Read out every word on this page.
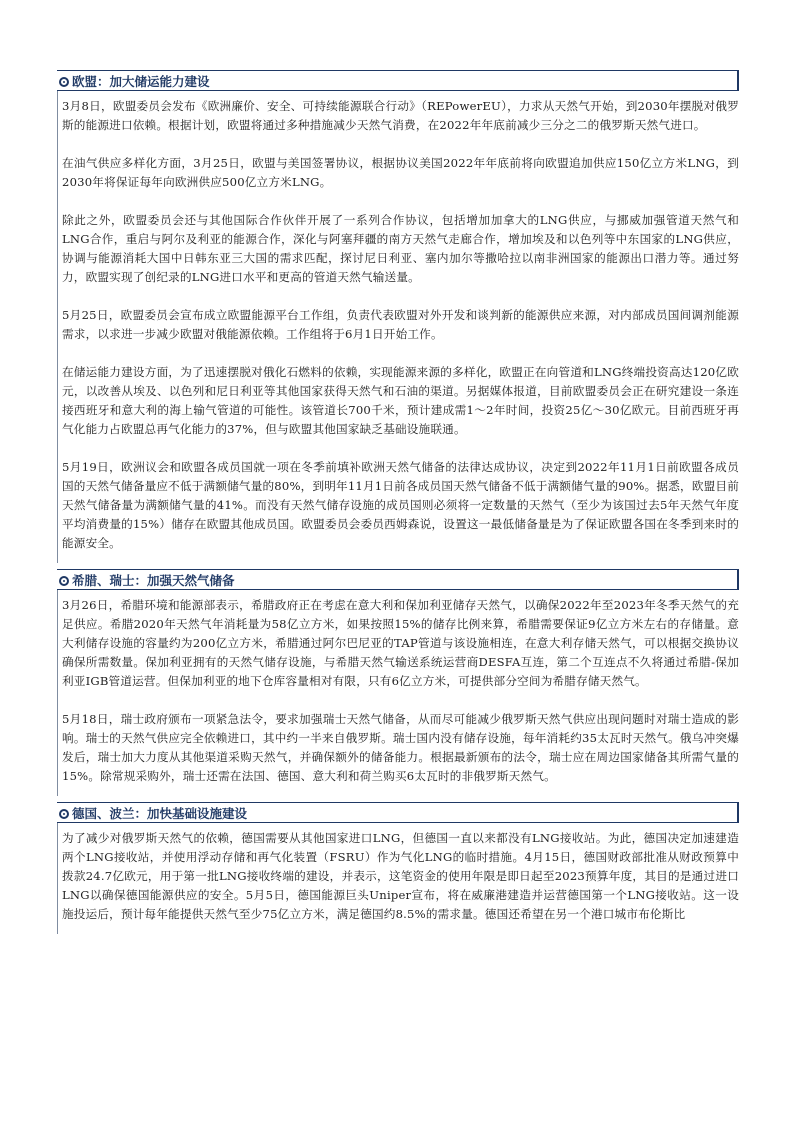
欧盟：加大储运能力建设

3月8日，欧盟委员会发布《欧洲廉价、安全、可持续能源联合行动》（REPowerEU），力求从天然气开始，到2030年摆脱对俄罗斯的能源进口依赖。根据计划，欧盟将通过多种措施减少天然气消费，在2022年年底前减少三分之二的俄罗斯天然气进口。

在油气供应多样化方面，3月25日，欧盟与美国签署协议，根据协议美国2022年年底前将向欧盟追加供应150亿立方米LNG，到2030年将保证每年向欧洲供应500亿立方米LNG。

除此之外，欧盟委员会还与其他国际合作伙伴开展了一系列合作协议，包括增加加拿大的LNG供应，与挪威加强管道天然气和LNG合作，重启与阿尔及利亚的能源合作，深化与阿塞拜疆的南方天然气走廊合作，增加埃及和以色列等中东国家的LNG供应，协调与能源消耗大国中日韩东亚三大国的需求匹配，探讨尼日利亚、塞内加尔等撒哈拉以南非洲国家的能源出口潜力等。通过努力，欧盟实现了创纪录的LNG进口水平和更高的管道天然气输送量。

5月25日，欧盟委员会宣布成立欧盟能源平台工作组，负责代表欧盟对外开发和谈判新的能源供应来源，对内部成员国间调剂能源需求，以求进一步减少欧盟对俄能源依赖。工作组将于6月1日开始工作。

在储运能力建设方面，为了迅速摆脱对俄化石燃料的依赖，实现能源来源的多样化，欧盟正在向管道和LNG终端投资高达120亿欧元，以改善从埃及、以色列和尼日利亚等其他国家获得天然气和石油的渠道。另据媒体报道，目前欧盟委员会正在研究建设一条连接西班牙和意大利的海上输气管道的可能性。该管道长700千米，预计建成需1～2年时间，投资25亿～30亿欧元。目前西班牙再气化能力占欧盟总再气化能力的37%，但与欧盟其他国家缺乏基础设施联通。

5月19日，欧洲议会和欧盟各成员国就一项在冬季前填补欧洲天然气储备的法律达成协议，决定到2022年11月1日前欧盟各成员国的天然气储备量应不低于满额储气量的80%，到明年11月1日前各成员国天然气储备不低于满额储气量的90%。据悉，欧盟目前天然气储备量为满额储气量的41%。而没有天然气储存设施的成员国则必须将一定数量的天然气（至少为该国过去5年天然气年度平均消费量的15%）储存在欧盟其他成员国。欧盟委员会委员西姆森说，设置这一最低储备量是为了保证欧盟各国在冬季到来时的能源安全。

希腊、瑞士：加强天然气储备

3月26日，希腊环境和能源部表示，希腊政府正在考虑在意大利和保加利亚储存天然气，以确保2022年至2023年冬季天然气的充足供应。希腊2020年天然气年消耗量为58亿立方米，如果按照15%的储存比例来算，希腊需要保证9亿立方米左右的存储量。意大利储存设施的容量约为200亿立方米，希腊通过阿尔巴尼亚的TAP管道与该设施相连，在意大利存储天然气，可以根据交换协议确保所需数量。保加利亚拥有的天然气储存设施，与希腊天然气输送系统运营商DESFA互连，第二个互连点不久将通过希腊-保加利亚IGB管道运营。但保加利亚的地下仓库容量相对有限，只有6亿立方米，可提供部分空间为希腊存储天然气。

5月18日，瑞士政府颁布一项紧急法令，要求加强瑞士天然气储备，从而尽可能减少俄罗斯天然气供应出现问题时对瑞士造成的影响。瑞士的天然气供应完全依赖进口，其中约一半来自俄罗斯。瑞士国内没有储存设施，每年消耗约35太瓦时天然气。俄乌冲突爆发后，瑞士加大力度从其他渠道采购天然气，并确保额外的储备能力。根据最新颁布的法令，瑞士应在周边国家储备其所需气量的15%。除常规采购外，瑞士还需在法国、德国、意大利和荷兰购买6太瓦时的非俄罗斯天然气。

德国、波兰：加快基础设施建设

为了减少对俄罗斯天然气的依赖，德国需要从其他国家进口LNG，但德国一直以来都没有LNG接收站。为此，德国决定加速建造两个LNG接收站，并使用浮动存储和再气化装置（FSRU）作为气化LNG的临时措施。4月15日，德国财政部批准从财政预算中拨款24.7亿欧元，用于第一批LNG接收终端的建设，并表示，这笔资金的使用年限是即日起至2023预算年度，其目的是通过进口LNG以确保德国能源供应的安全。5月5日，德国能源巨头Uniper宣布，将在威廉港建造并运营德国第一个LNG接收站。这一设施投运后，预计每年能提供天然气至少75亿立方米，满足德国约8.5%的需求量。德国还希望在另一个港口城市布伦斯比
